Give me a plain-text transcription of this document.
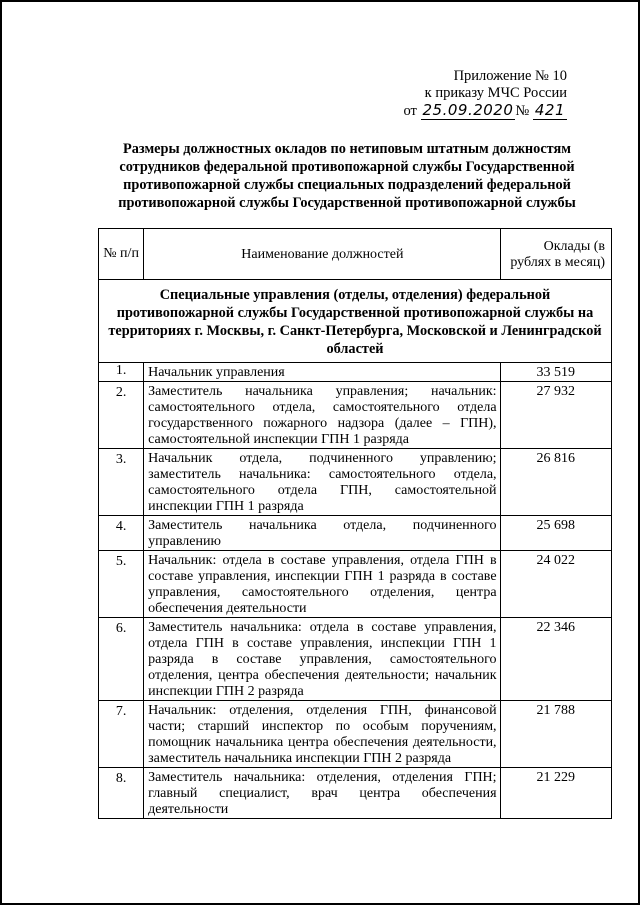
Приложение № 10
к приказу МЧС России
от 25.09.2020 № 421
Размеры должностных окладов по нетиповым штатным должностям сотрудников федеральной противопожарной службы Государственной противопожарной службы специальных подразделений федеральной противопожарной службы Государственной противопожарной службы
№ п/п	Наименование должностей	Оклады (в рублях в месяц)
Специальные управления (отделы, отделения) федеральной противопожарной службы Государственной противопожарной службы на территориях г. Москвы, г. Санкт-Петербурга, Московской и Ленинградской областей		
1.	Начальник управления	33 519
2.	Заместитель начальника управления; начальник: самостоятельного отдела, самостоятельного отдела государственного пожарного надзора (далее – ГПН), самостоятельной инспекции ГПН 1 разряда	27 932
3.	Начальник отдела, подчиненного управлению; заместитель начальника: самостоятельного отдела, самостоятельного отдела ГПН, самостоятельной инспекции ГПН 1 разряда	26 816
4.	Заместитель начальника отдела, подчиненного управлению	25 698
5.	Начальник: отдела в составе управления, отдела ГПН в составе управления, инспекции ГПН 1 разряда в составе управления, самостоятельного отделения, центра обеспечения деятельности	24 022
6.	Заместитель начальника: отдела в составе управления, отдела ГПН в составе управления, инспекции ГПН 1 разряда в составе управления, самостоятельного отделения, центра обеспечения деятельности; начальник инспекции ГПН 2 разряда	22 346
7.	Начальник: отделения, отделения ГПН, финансовой части; старший инспектор по особым поручениям, помощник начальника центра обеспечения деятельности, заместитель начальника инспекции ГПН 2 разряда	21 788
8.	Заместитель начальника: отделения, отделения ГПН; главный специалист, врач центра обеспечения деятельности	21 229
